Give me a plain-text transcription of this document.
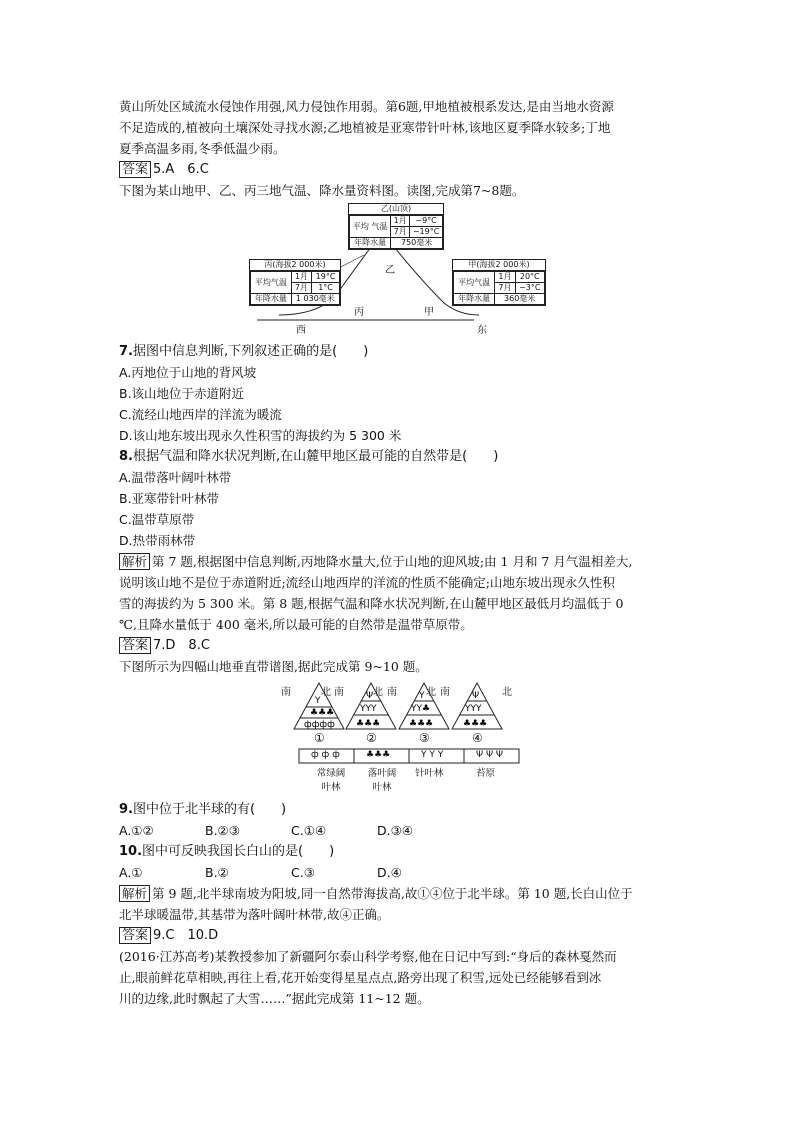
黄山所处区域流水侵蚀作用强,风力侵蚀作用弱。第6题,甲地植被根系发达,是由当地水资源

不足造成的,植被向土壤深处寻找水源;乙地植被是亚寒带针叶林,该地区夏季降水较多;丁地

夏季高温多雨,冬季低温少雨。

答案 5.A　6.C

下图为某山地甲、乙、丙三地气温、降水量资料图。读图,完成第7~8题。

乙(山顶)
平均 气温	1月	−9°C
	7月	−19°C
年降水量	750毫米	
丙(海拔2 000米)
平均气温	1月	19°C
	7月	1°C
年降水量	1 030毫米	
甲(海拔2 000米)
平均气温	1月	20°C
	7月	−3°C
年降水量	360毫米	
乙
丙	甲
西	东

7.据图中信息判断,下列叙述正确的是(　　)

A.丙地位于山地的背风坡

B.该山地位于赤道附近

C.流经山地西岸的洋流为暖流

D.该山地东坡出现永久性积雪的海拔约为 5 300 米

8.根据气温和降水状况判断,在山麓甲地区最可能的自然带是(　　)

A.温带落叶阔叶林带

B.亚寒带针叶林带

C.温带草原带

D.热带雨林带

解析 第 7 题,根据图中信息判断,丙地降水量大,位于山地的迎风坡;由 1 月和 7 月气温相差大,

说明该山地不是位于赤道附近;流经山地西岸的洋流的性质不能确定;山地东坡出现永久性积

雪的海拔约为 5 300 米。第 8 题,根据气温和降水状况判断,在山麓甲地区最低月均温低于 0

℃,且降水量低于 400 毫米,所以最可能的自然带是温带草原带。

答案 7.D　8.C

下图所示为四幅山地垂直带谱图,据此完成第 9~10 题。

Y
♣♣♣
фффф
Ψ
YYY
♣♣♣
Y
YY♣
♣♣♣
Ψ
YYY
♣♣♣
南	北 南	北 南	北 南	北
①	②	③	④
ф ф ф	♣♣♣	Y Y Y	Ψ Ψ Ψ
常绿阔
叶林
落叶阔
叶林
针叶林	苔原

9.图中位于北半球的有(　　)

A.①②	B.②③	C.①④	D.③④

10.图中可反映我国长白山的是(　　)

A.①	B.②	C.③	D.④

解析 第 9 题,北半球南坡为阳坡,同一自然带海拔高,故①④位于北半球。第 10 题,长白山位于

北半球暖温带,其基带为落叶阔叶林带,故④正确。

答案 9.C　10.D

(2016·江苏高考)某教授参加了新疆阿尔泰山科学考察,他在日记中写到:“身后的森林戛然而

止,眼前鲜花草相映,再往上看,花开始变得星星点点,路旁出现了积雪,远处已经能够看到冰

川的边缘,此时飘起了大雪……”据此完成第 11~12 题。
